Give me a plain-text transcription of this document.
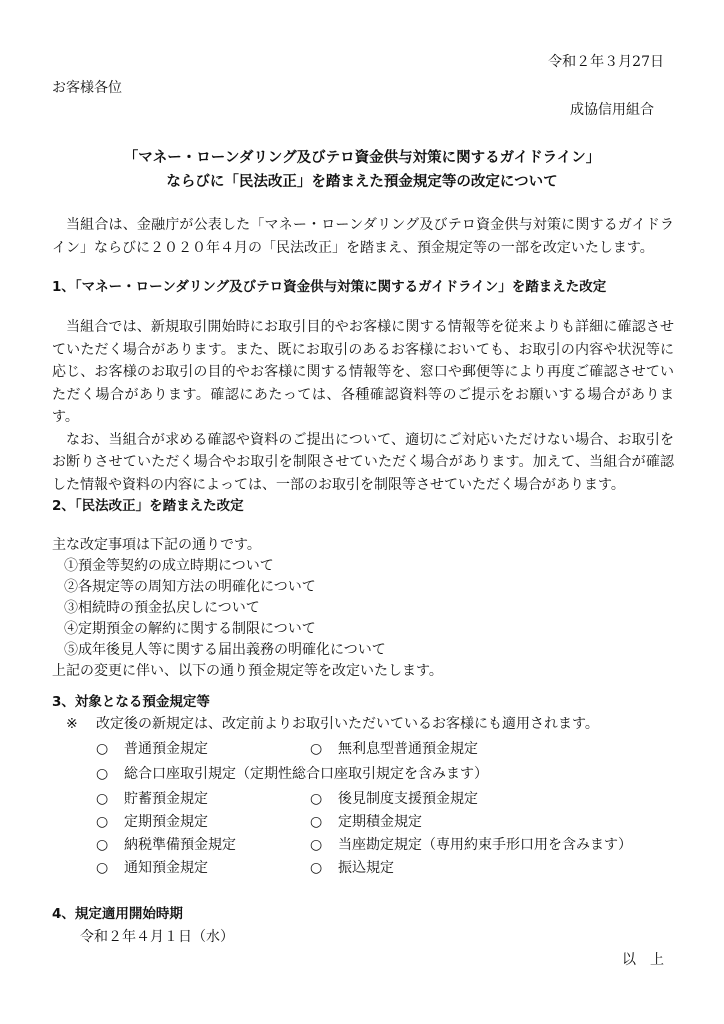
令和２年３月27日
お客様各位
成協信用組合
「マネー・ローンダリング及びテロ資金供与対策に関するガイドライン」
ならびに「民法改正」を踏まえた預金規定等の改定について

当組合は、金融庁が公表した「マネー・ローンダリング及びテロ資金供与対策に関するガイドライン」ならびに２０２０年４月の「民法改正」を踏まえ、預金規定等の一部を改定いたします。

1、「マネー・ローンダリング及びテロ資金供与対策に関するガイドライン」を踏まえた改定

当組合では、新規取引開始時にお取引目的やお客様に関する情報等を従来よりも詳細に確認させていただく場合があります。また、既にお取引のあるお客様においても、お取引の内容や状況等に応じ、お客様のお取引の目的やお客様に関する情報等を、窓口や郵便等により再度ご確認させていただく場合があります。確認にあたっては、各種確認資料等のご提示をお願いする場合があります。

なお、当組合が求める確認や資料のご提出について、適切にご対応いただけない場合、お取引をお断りさせていただく場合やお取引を制限させていただく場合があります。加えて、当組合が確認した情報や資料の内容によっては、一部のお取引を制限等させていただく場合があります。

2、「民法改正」を踏まえた改定
主な改定事項は下記の通りです。
①預金等契約の成立時期について
②各規定等の周知方法の明確化について
③相続時の預金払戻しについて
④定期預金の解約に関する制限について
⑤成年後見人等に関する届出義務の明確化について
上記の変更に伴い、以下の通り預金規定等を改定いたします。
3、対象となる預金規定等
※ 改定後の新規定は、改定前よりお取引いただいているお客様にも適用されます。
○ 普通預金規定	○ 無利息型普通預金規定
○ 総合口座取引規定（定期性総合口座取引規定を含みます）
○ 貯蓄預金規定	○ 後見制度支援預金規定
○ 定期預金規定	○ 定期積金規定
○ 納税準備預金規定	○ 当座勘定規定（専用約束手形口用を含みます）
○ 通知預金規定	○ 振込規定
4、規定適用開始時期
令和２年４月１日（水）
以　上
